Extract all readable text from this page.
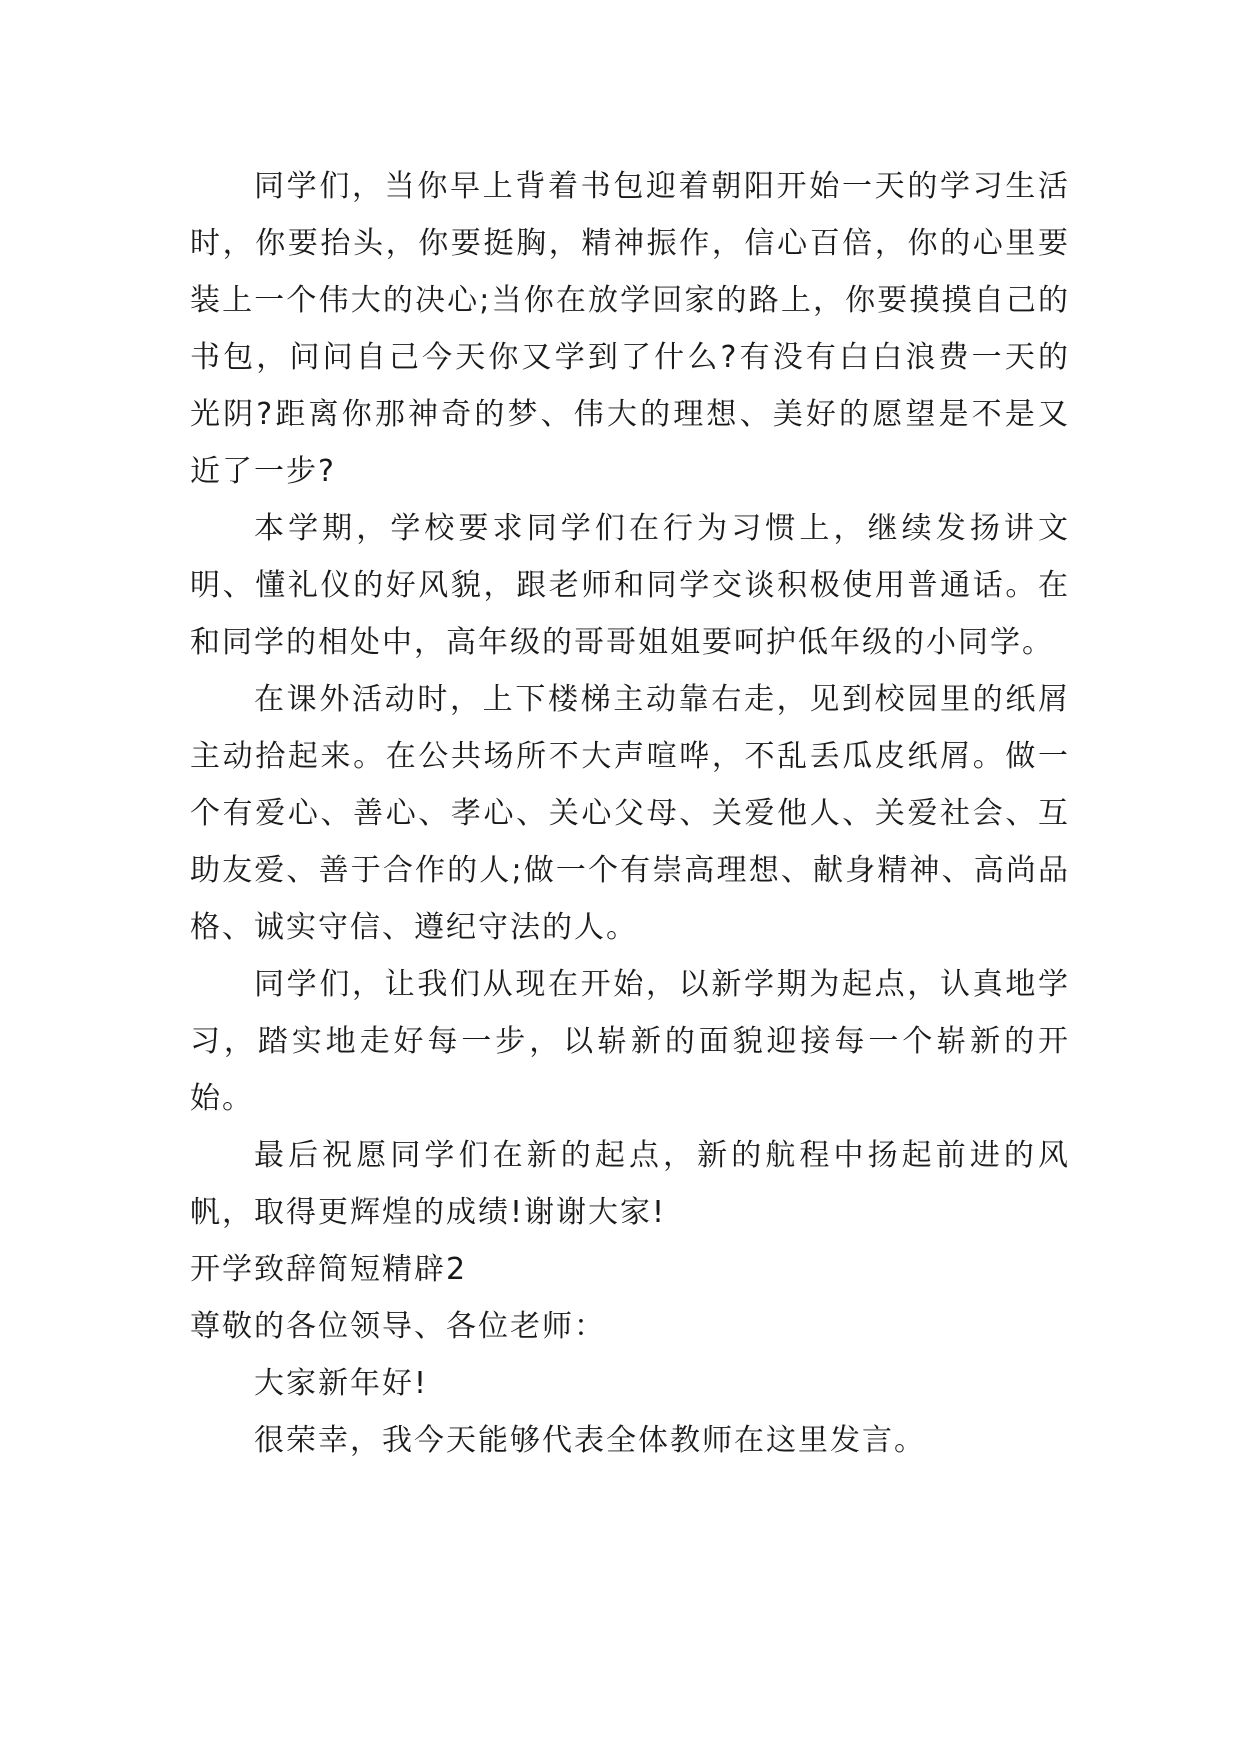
同学们，当你早上背着书包迎着朝阳开始一天的学习生活时，你要抬头，你要挺胸，精神振作，信心百倍，你的心里要装上一个伟大的决心;当你在放学回家的路上，你要摸摸自己的书包，问问自己今天你又学到了什么?有没有白白浪费一天的光阴?距离你那神奇的梦、伟大的理想、美好的愿望是不是又近了一步?

本学期，学校要求同学们在行为习惯上，继续发扬讲文明、懂礼仪的好风貌，跟老师和同学交谈积极使用普通话。在和同学的相处中，高年级的哥哥姐姐要呵护低年级的小同学。

在课外活动时，上下楼梯主动靠右走，见到校园里的纸屑主动拾起来。在公共场所不大声喧哗，不乱丢瓜皮纸屑。做一个有爱心、善心、孝心、关心父母、关爱他人、关爱社会、互助友爱、善于合作的人;做一个有崇高理想、献身精神、高尚品格、诚实守信、遵纪守法的人。

同学们，让我们从现在开始，以新学期为起点，认真地学习，踏实地走好每一步，以崭新的面貌迎接每一个崭新的开始。

最后祝愿同学们在新的起点，新的航程中扬起前进的风帆，取得更辉煌的成绩!谢谢大家!

开学致辞简短精辟2

尊敬的各位领导、各位老师：

大家新年好!

很荣幸，我今天能够代表全体教师在这里发言。
